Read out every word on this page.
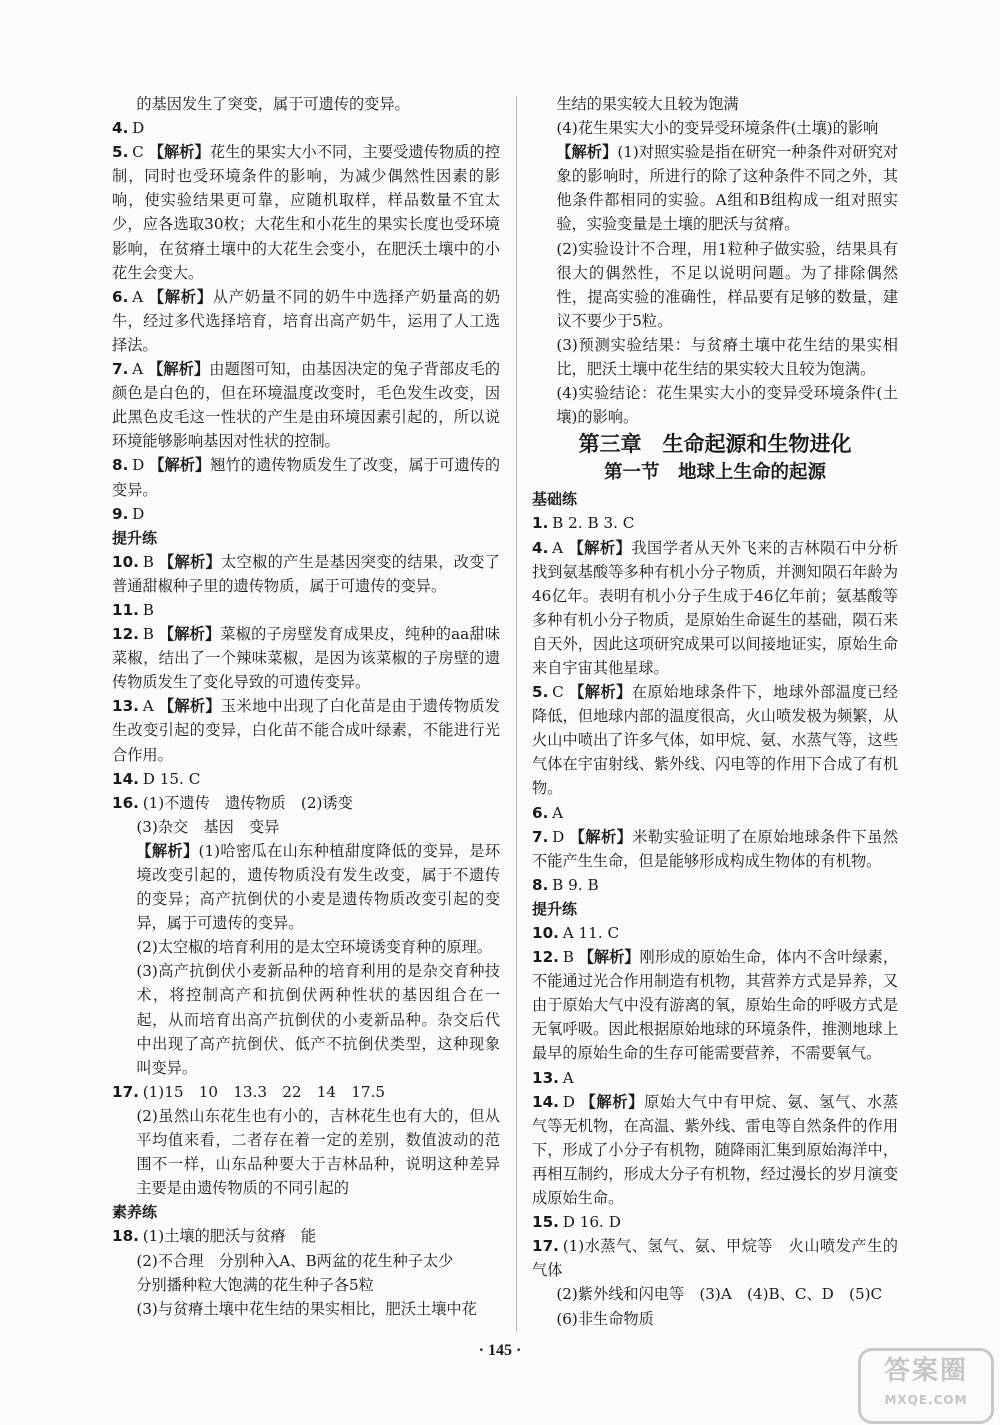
的基因发生了突变，属于可遗传的变异。

4. D

5. C 【解析】花生的果实大小不同，主要受遗传物质的控制，同时也受环境条件的影响，为减少偶然性因素的影响，使实验结果更可靠，应随机取样，样品数量不宜太少，应各选取30枚；大花生和小花生的果实长度也受环境影响，在贫瘠土壤中的大花生会变小，在肥沃土壤中的小花生会变大。

6. A 【解析】从产奶量不同的奶牛中选择产奶量高的奶牛，经过多代选择培育，培育出高产奶牛，运用了人工选择法。

7. A 【解析】由题图可知，由基因决定的兔子背部皮毛的颜色是白色的，但在环境温度改变时，毛色发生改变，因此黑色皮毛这一性状的产生是由环境因素引起的，所以说环境能够影响基因对性状的控制。

8. D 【解析】翘竹的遗传物质发生了改变，属于可遗传的变异。

9. D

提升练

10. B 【解析】太空椒的产生是基因突变的结果，改变了普通甜椒种子里的遗传物质，属于可遗传的变异。

11. B

12. B 【解析】菜椒的子房壁发育成果皮，纯种的aa甜味菜椒，结出了一个辣味菜椒，是因为该菜椒的子房壁的遗传物质发生了变化导致的可遗传变异。

13. A 【解析】玉米地中出现了白化苗是由于遗传物质发生改变引起的变异，白化苗不能合成叶绿素，不能进行光合作用。

14. D 15. C

16. (1)不遗传　遗传物质　(2)诱变

(3)杂交　基因　变异

【解析】(1)哈密瓜在山东种植甜度降低的变异，是环境改变引起的，遗传物质没有发生改变，属于不遗传的变异；高产抗倒伏的小麦是遗传物质改变引起的变异，属于可遗传的变异。

(2)太空椒的培育利用的是太空环境诱变育种的原理。

(3)高产抗倒伏小麦新品种的培育利用的是杂交育种技术，将控制高产和抗倒伏两种性状的基因组合在一起，从而培育出高产抗倒伏的小麦新品种。杂交后代中出现了高产抗倒伏、低产不抗倒伏类型，这种现象叫变异。

17. (1)15　10　13.3　22　14　17.5

(2)虽然山东花生也有小的，吉林花生也有大的，但从平均值来看，二者存在着一定的差别，数值波动的范围不一样，山东品种要大于吉林品种，说明这种差异主要是由遗传物质的不同引起的

素养练

18. (1)土壤的肥沃与贫瘠　能

(2)不合理　分别种入A、B两盆的花生种子太少

分别播种粒大饱满的花生种子各5粒

(3)与贫瘠土壤中花生结的果实相比，肥沃土壤中花

生结的果实较大且较为饱满

(4)花生果实大小的变异受环境条件(土壤)的影响

【解析】(1)对照实验是指在研究一种条件对研究对象的影响时，所进行的除了这种条件不同之外，其他条件都相同的实验。A组和B组构成一组对照实验，实验变量是土壤的肥沃与贫瘠。

(2)实验设计不合理，用1粒种子做实验，结果具有很大的偶然性，不足以说明问题。为了排除偶然性，提高实验的准确性，样品要有足够的数量，建议不要少于5粒。

(3)预测实验结果：与贫瘠土壤中花生结的果实相比，肥沃土壤中花生结的果实较大且较为饱满。

(4)实验结论：花生果实大小的变异受环境条件(土壤)的影响。

第三章　生命起源和生物进化

第一节　地球上生命的起源

基础练

1. B 2. B 3. C

4. A 【解析】我国学者从天外飞来的吉林陨石中分析找到氨基酸等多种有机小分子物质，并测知陨石年龄为46亿年。表明有机小分子生成于46亿年前；氨基酸等多种有机小分子物质，是原始生命诞生的基础，陨石来自天外，因此这项研究成果可以间接地证实，原始生命来自宇宙其他星球。

5. C 【解析】在原始地球条件下，地球外部温度已经降低，但地球内部的温度很高，火山喷发极为频繁，从火山中喷出了许多气体，如甲烷、氨、水蒸气等，这些气体在宇宙射线、紫外线、闪电等的作用下合成了有机物。

6. A

7. D 【解析】米勒实验证明了在原始地球条件下虽然不能产生生命，但是能够形成构成生物体的有机物。

8. B 9. B

提升练

10. A 11. C

12. B 【解析】刚形成的原始生命，体内不含叶绿素，不能通过光合作用制造有机物，其营养方式是异养，又由于原始大气中没有游离的氧，原始生命的呼吸方式是无氧呼吸。因此根据原始地球的环境条件，推测地球上最早的原始生命的生存可能需要营养，不需要氧气。

13. A

14. D 【解析】原始大气中有甲烷、氨、氢气、水蒸气等无机物，在高温、紫外线、雷电等自然条件的作用下，形成了小分子有机物，随降雨汇集到原始海洋中，再相互制约，形成大分子有机物，经过漫长的岁月演变成原始生命。

15. D 16. D

17. (1)水蒸气、氢气、氨、甲烷等　火山喷发产生的气体

(2)紫外线和闪电等　(3)A　(4)B、C、D　(5)C

(6)非生命物质

· 145 ·
答案圈
MXQE.COM
